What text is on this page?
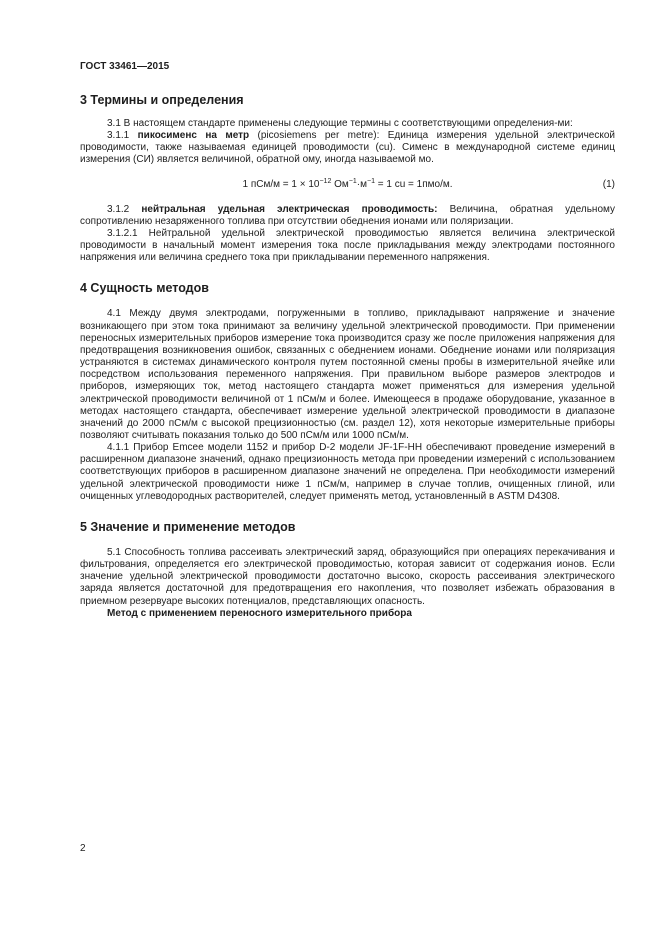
ГОСТ 33461—2015
3 Термины и определения

3.1 В настоящем стандарте применены следующие термины с соответствующими определения-ми:

3.1.1 пикосименс на метр (picosiemens per metre): Единица измерения удельной электрической проводимости, также называемая единицей проводимости (cu). Сименс в международной системе единиц измерения (СИ) является величиной, обратной ому, иногда называемой мо.

1 $пСм/м = 1 \times 10^{-12}$ $Ом^{-1}\cdot м^{-1} = 1$ cu = 1пмо/м.	(1)

3.1.2 нейтральная удельная электрическая проводимость: Величина, обратная удельному сопротивлению незаряженного топлива при отсутствии обеднения ионами или поляризации.

3.1.2.1 Нейтральной удельной электрической проводимостью является величина электрической проводимости в начальный момент измерения тока после прикладывания между электродами постоянного напряжения или величина среднего тока при прикладывании переменного напряжения.

4 Сущность методов

4.1 Между двумя электродами, погруженными в топливо, прикладывают напряжение и значение возникающего при этом тока принимают за величину удельной электрической проводимости. При применении переносных измерительных приборов измерение тока производится сразу же после приложения напряжения для предотвращения возникновения ошибок, связанных с обеднением ионами. Обеднение ионами или поляризация устраняются в системах динамического контроля путем постоянной смены пробы в измерительной ячейке или посредством использования переменного напряжения. При правильном выборе размеров электродов и приборов, измеряющих ток, метод настоящего стандарта может применяться для измерения удельной электрической проводимости величиной от 1 пСм/м и более. Имеющееся в продаже оборудование, указанное в методах настоящего стандарта, обеспечивает измерение удельной электрической проводимости в диапазоне значений до 2000 пСм/м с высокой прецизионностью (см. раздел 12), хотя некоторые измерительные приборы позволяют считывать показания только до 500 пСм/м или 1000 пСм/м.

4.1.1 Прибор Emcee модели 1152 и прибор D-2 модели JF-1F-HH обеспечивают проведение измерений в расширенном диапазоне значений, однако прецизионность метода при проведении измерений с использованием соответствующих приборов в расширенном диапазоне значений не определена. При необходимости измерений удельной электрической проводимости ниже 1 пСм/м, например в случае топлив, очищенных глиной, или очищенных углеводородных растворителей, следует применять метод, установленный в ASTM D4308.

5 Значение и применение методов

5.1 Способность топлива рассеивать электрический заряд, образующийся при операциях перекачивания и фильтрования, определяется его электрической проводимостью, которая зависит от содержания ионов. Если значение удельной электрической проводимости достаточно высоко, скорость рассеивания электрического заряда является достаточной для предотвращения его накопления, что позволяет избежать образования в приемном резервуаре высоких потенциалов, представляющих опасность.

Метод с применением переносного измерительного прибора

2
